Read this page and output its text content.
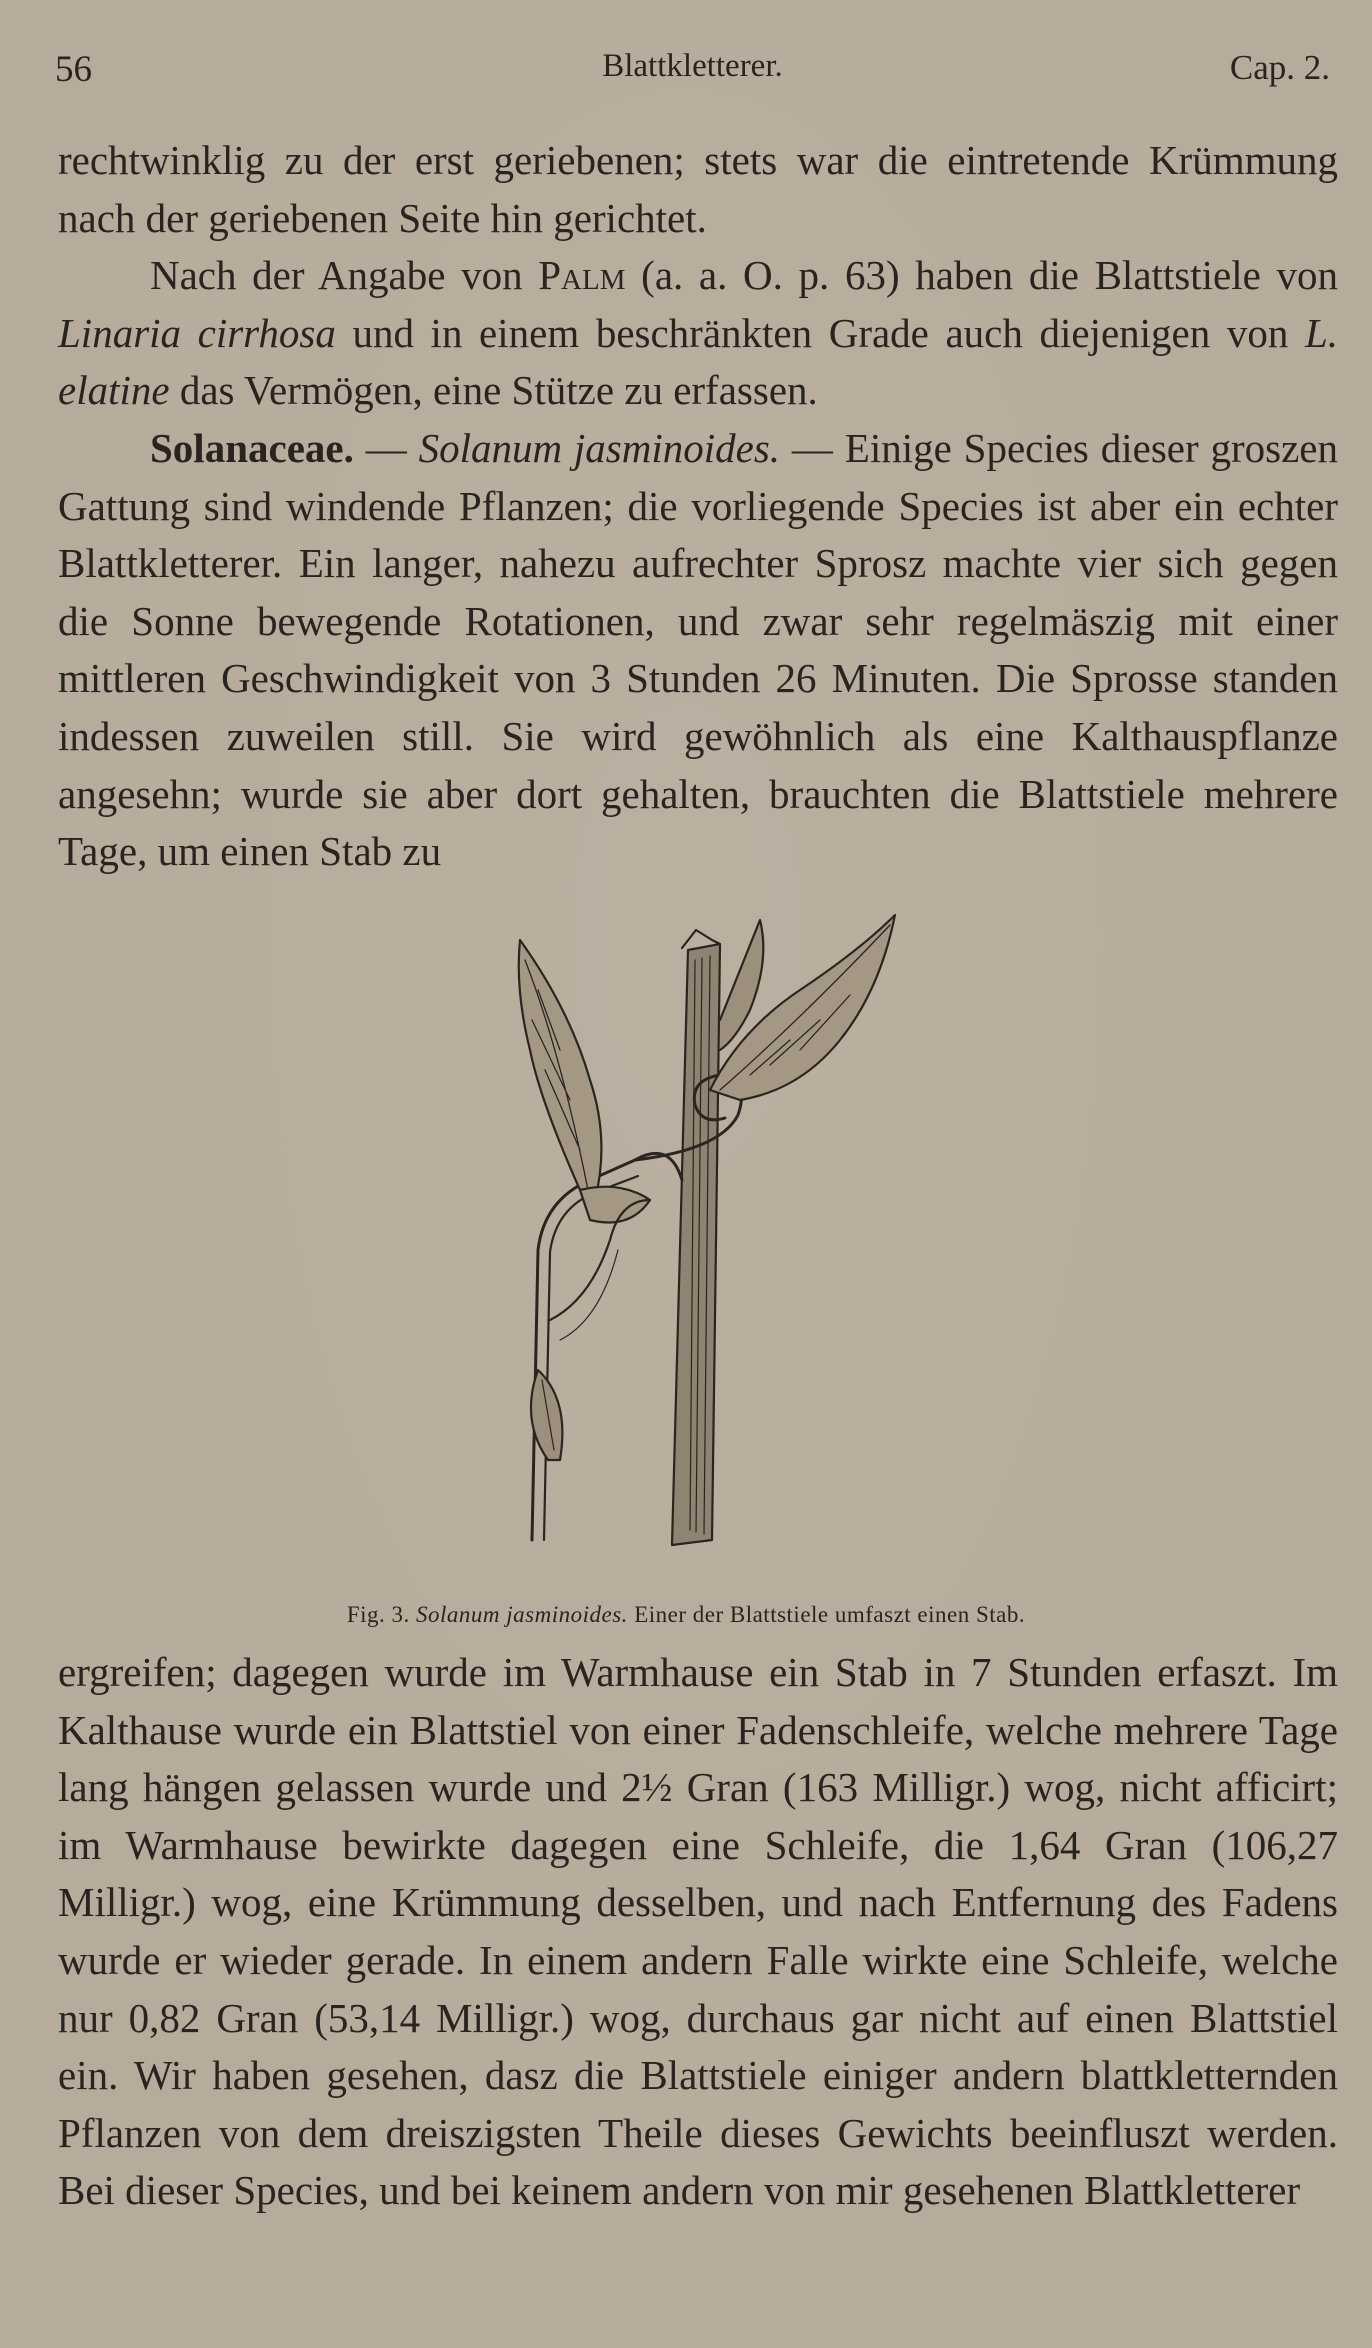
56	Blattkletterer.	Cap. 2.

rechtwinklig zu der erst geriebenen; stets war die eintretende Krümmung nach der geriebenen Seite hin gerichtet.

Nach der Angabe von Palm (a. a. O. p. 63) haben die Blattstiele von Linaria cirrhosa und in einem beschränkten Grade auch diejenigen von L. elatine das Vermögen, eine Stütze zu erfassen.

Solanaceae. — Solanum jasminoides. — Einige Species dieser groszen Gattung sind windende Pflanzen; die vorliegende Species ist aber ein echter Blattkletterer. Ein langer, nahezu aufrechter Sprosz machte vier sich gegen die Sonne bewegende Rotationen, und zwar sehr regelmäszig mit einer mittleren Geschwindigkeit von 3 Stunden 26 Minuten. Die Sprosse standen indessen zuweilen still. Sie wird gewöhnlich als eine Kalthauspflanze angesehn; wurde sie aber dort gehalten, brauchten die Blattstiele mehrere Tage, um einen Stab zu

Fig. 3. Solanum jasminoides. Einer der Blattstiele umfaszt einen Stab.

ergreifen; dagegen wurde im Warmhause ein Stab in 7 Stunden erfaszt. Im Kalthause wurde ein Blattstiel von einer Fadenschleife, welche mehrere Tage lang hängen gelassen wurde und 2½ Gran (163 Milligr.) wog, nicht afficirt; im Warmhause bewirkte dagegen eine Schleife, die 1,64 Gran (106,27 Milligr.) wog, eine Krümmung desselben, und nach Entfernung des Fadens wurde er wieder gerade. In einem andern Falle wirkte eine Schleife, welche nur 0,82 Gran (53,14 Milligr.) wog, durchaus gar nicht auf einen Blattstiel ein. Wir haben gesehen, dasz die Blattstiele einiger andern blattkletternden Pflanzen von dem dreiszigsten Theile dieses Gewichts beeinfluszt werden. Bei dieser Species, und bei keinem andern von mir gesehenen Blattkletterer
